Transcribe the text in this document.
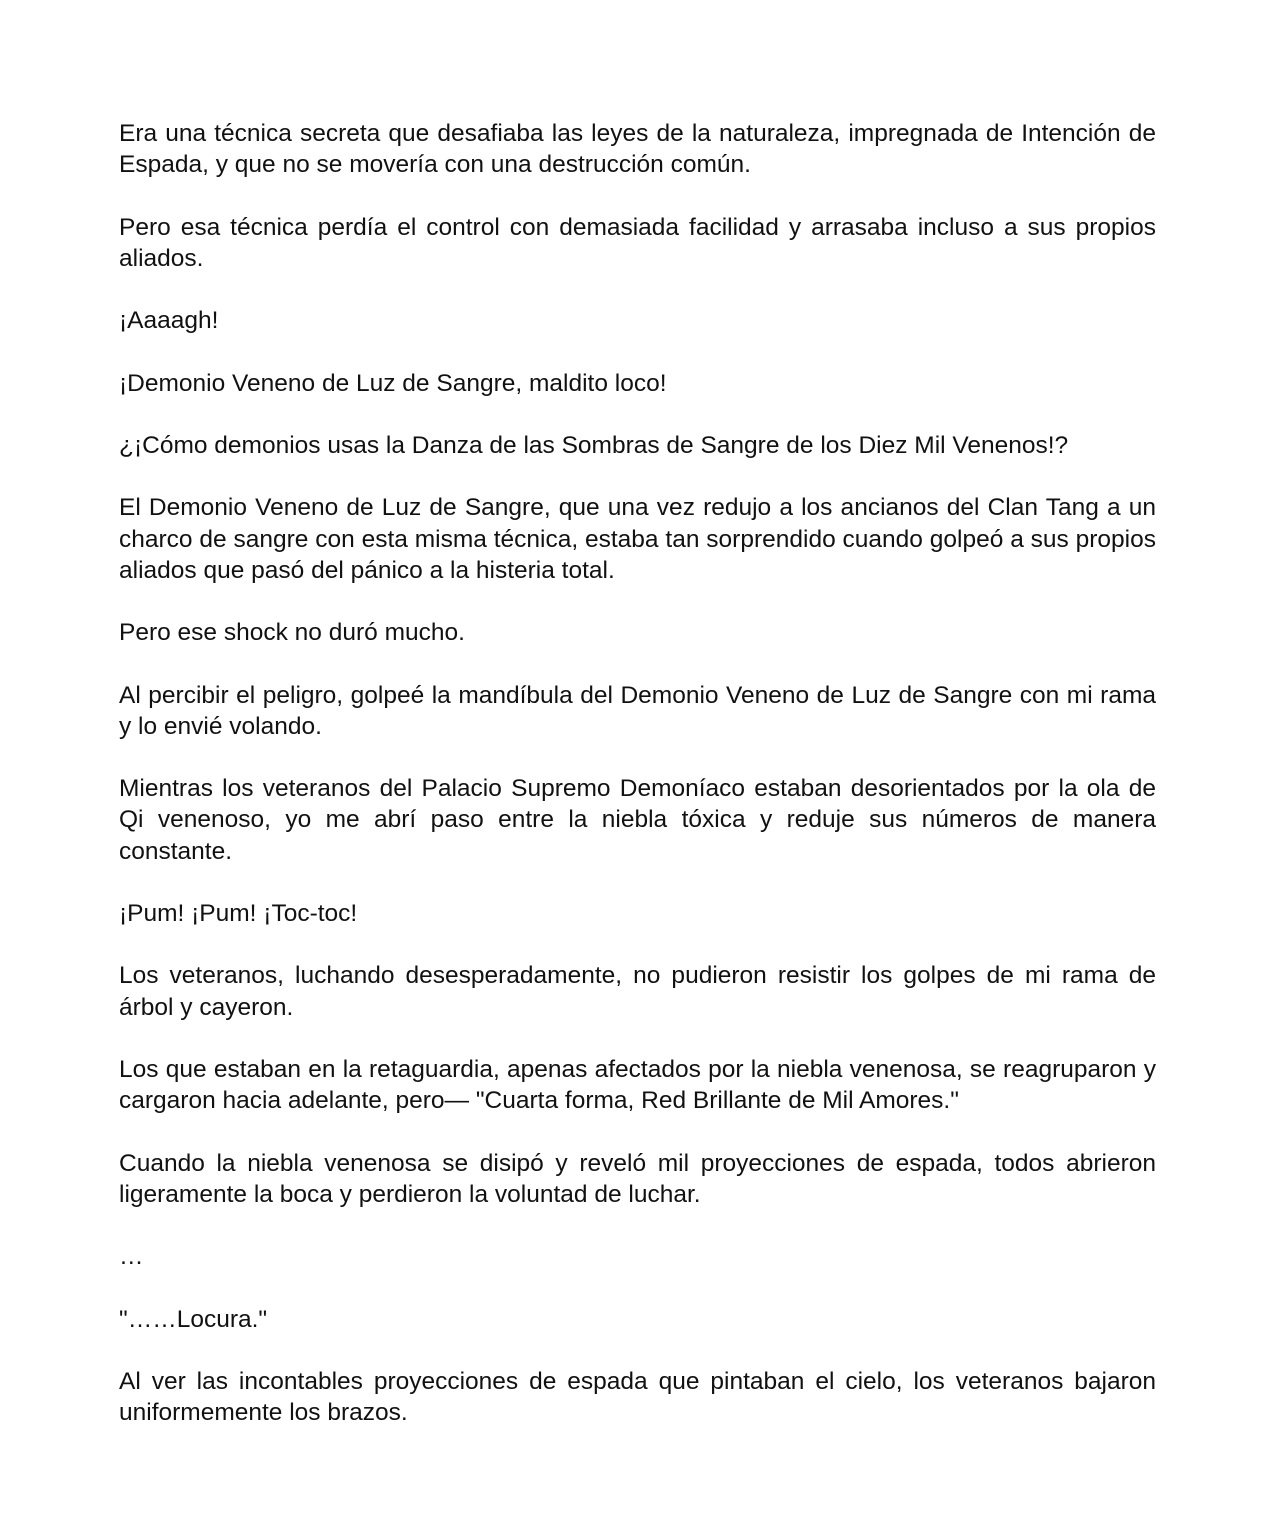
Era una técnica secreta que desafiaba las leyes de la naturaleza, impregnada de Intención de Espada, y que no se movería con una destrucción común.

Pero esa técnica perdía el control con demasiada facilidad y arrasaba incluso a sus propios aliados.

¡Aaaagh!

¡Demonio Veneno de Luz de Sangre, maldito loco!

¿¡Cómo demonios usas la Danza de las Sombras de Sangre de los Diez Mil Venenos!?

El Demonio Veneno de Luz de Sangre, que una vez redujo a los ancianos del Clan Tang a un charco de sangre con esta misma técnica, estaba tan sorprendido cuando golpeó a sus propios aliados que pasó del pánico a la histeria total.

Pero ese shock no duró mucho.

Al percibir el peligro, golpeé la mandíbula del Demonio Veneno de Luz de Sangre con mi rama y lo envié volando.

Mientras los veteranos del Palacio Supremo Demoníaco estaban desorientados por la ola de Qi venenoso, yo me abrí paso entre la niebla tóxica y reduje sus números de manera constante.

¡Pum! ¡Pum! ¡Toc-toc!

Los veteranos, luchando desesperadamente, no pudieron resistir los golpes de mi rama de árbol y cayeron.

Los que estaban en la retaguardia, apenas afectados por la niebla venenosa, se reagruparon y cargaron hacia adelante, pero— "Cuarta forma, Red Brillante de Mil Amores."

Cuando la niebla venenosa se disipó y reveló mil proyecciones de espada, todos abrieron ligeramente la boca y perdieron la voluntad de luchar.

…

"……Locura."

Al ver las incontables proyecciones de espada que pintaban el cielo, los veteranos bajaron uniformemente los brazos.
